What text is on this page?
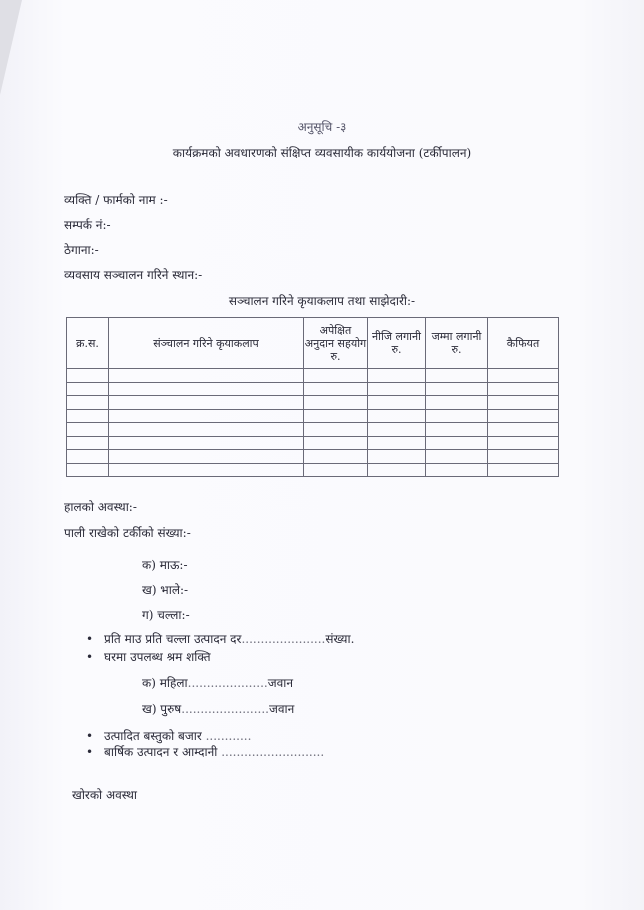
अनुसूचि -३
कार्यक्रमको अवधारणको संक्षिप्त व्यवसायीक कार्ययोजना (टर्कीपालन)
व्यक्ति / फार्मको नाम :-
सम्पर्क नं:-
ठेगाना:-
व्यवसाय सञ्चालन गरिने स्थान:-
सञ्चालन गरिने कृयाकलाप तथा साझेदारी:-
क्र.स.	संञ्चालन गरिने कृयाकलाप	अपेक्षित अनुदान सहयोग रु.	नीजि लगानी रु.	जम्मा लगानी रु.	कैफियत

हालको अवस्था:-
पाली राखेको टर्कीको संख्या:-
क) माऊ:-
ख) भाले:-
ग) चल्ला:-
• प्रति माउ प्रति चल्ला उत्पादन दर......................संख्या.
• घरमा उपलब्ध श्रम शक्ति
क) महिला.....................जवान
ख) पुरुष.......................जवान
• उत्पादित बस्तुको बजार ............
• बार्षिक उत्पादन र आम्दानी ...........................
खोरको अवस्था
